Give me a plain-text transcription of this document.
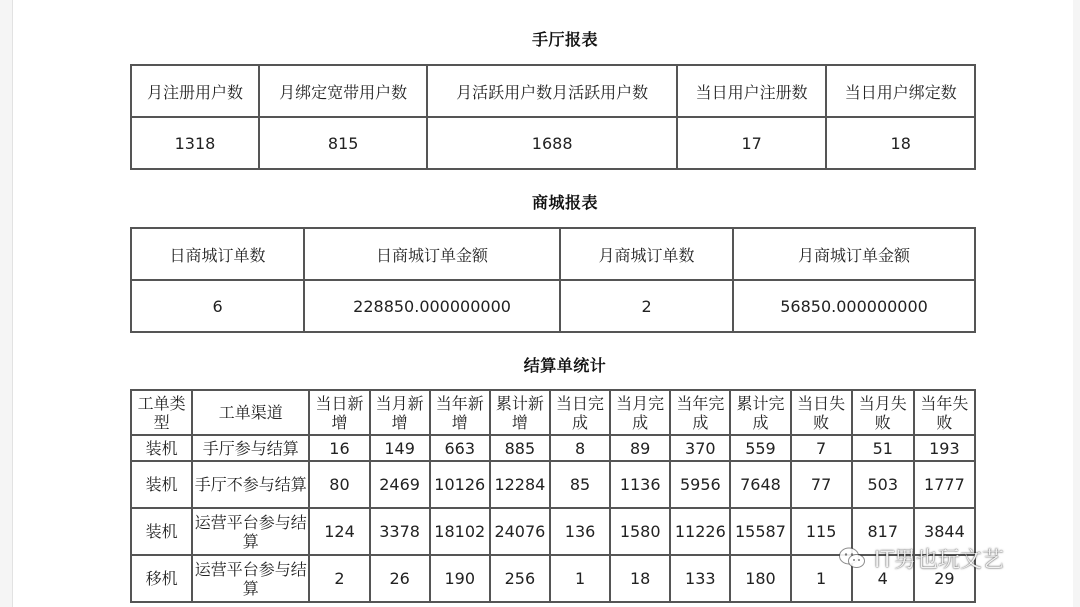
手厅报表
月注册用户数	月绑定宽带用户数	月活跃用户数月活跃用户数	当日用户注册数	当日用户绑定数
1318	815	1688	17	18
商城报表
日商城订单数	日商城订单金额	月商城订单数	月商城订单金额
6	228850.000000000	2	56850.000000000
结算单统计
工单类型	工单渠道	当日新增	当月新增	当年新增	累计新增	当日完成	当月完成	当年完成	累计完成	当日失败	当月失败	当年失败
装机	手厅参与结算	16	149	663	885	8	89	370	559	7	51	193
装机	手厅不参与结算	80	2469	10126	12284	85	1136	5956	7648	77	503	1777
装机	运营平台参与结算	124	3378	18102	24076	136	1580	11226	15587	115	817	3844
移机	运营平台参与结算	2	26	190	256	1	18	133	180	1	4	29
IT男也玩文艺
